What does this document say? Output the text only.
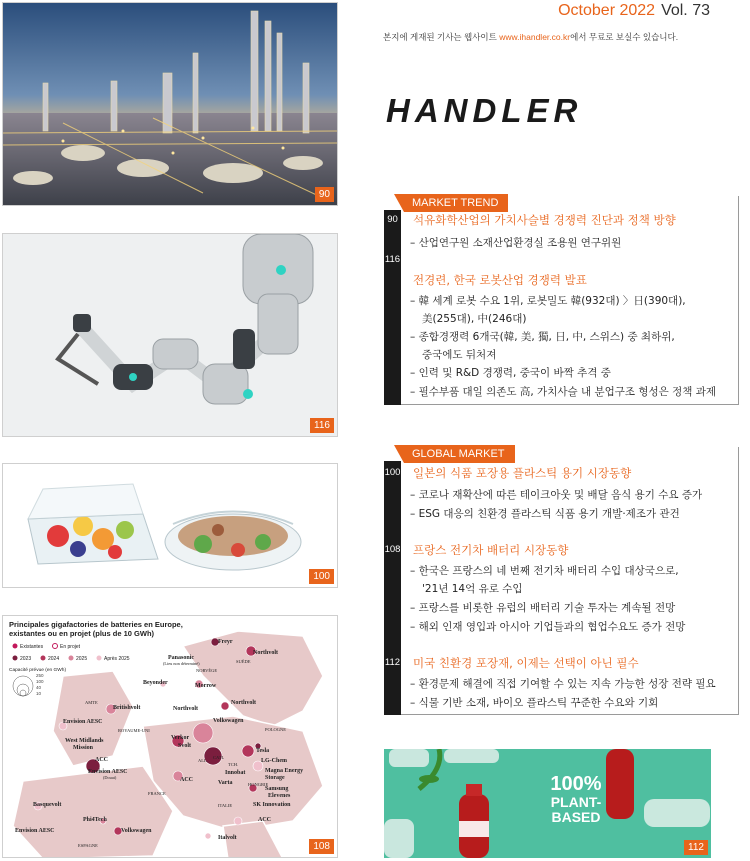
90
116
100
Freyr
Northvolt
Panasonic
(Lieu non déterminé)	SUÈDE
NORVÈGE
Beyonder	Morrow
AMTE
Britishvolt	Northvolt
Northvolt
Envision AESC
ROYAUME-UNI
Volkswagen
POLOGNE
West Midlands
Mission
Verkor
Svolt
Tesla
LG-Chem
ACC	CATL
Magna Energy
Storage
Envision AESC
(Douai)	ACC	Varta
Innobat
Samsung
Elevenes
SK Innovation
Basquevolt
FRANCE
Phi4Tech
ITALIE
ACC
Envision AESC	Volkswagen
Italvolt
ESPAGNE
HONGRIE
ALL.
TCH.
Principales gigafactories de batteries en Europe,
existantes ou en projet (plus de 10 GWh)
Existantes	En projet
2023	2024	2025	Après 2025
Capacité prévue (en GWh)
250
100
40
10
108
100%
PLANT-
BASED
112
October 2022 Vol. 73
본지에 게재된 기사는 웹사이트 www.ihandler.co.kr에서 무료로 보실수 있습니다.
HANDLER
MARKET TREND
90 석유화학산업의 가치사슬별 경쟁력 진단과 정책 방향
– 산업연구원 소재산업환경실 조용원 연구위원
116
전경련, 한국 로봇산업 경쟁력 발표
– 韓 세계 로봇 수요 1위, 로봇밀도 韓(932대) 〉日(390대),
美(255대), 中(246대)
– 종합경쟁력 6개국(韓, 美, 獨, 日, 中, 스위스) 중 최하위,
중국에도 뒤처져
– 인력 및 R&D 경쟁력, 중국이 바짝 추격 중
– 필수부품 대일 의존도 高, 가치사슬 내 분업구조 형성은 정책 과제
GLOBAL MARKET
100 일본의 식품 포장용 플라스틱 용기 시장동향
– 코로나 재확산에 따른 테이크아웃 및 배달 음식 용기 수요 증가
– ESG 대응의 친환경 플라스틱 식품 용기 개발·제조가 관건
108 프랑스 전기차 배터리 시장동향
– 한국은 프랑스의 네 번째 전기차 배터리 수입 대상국으로,
'21년 14억 유로 수입
– 프랑스를 비롯한 유럽의 배터리 기술 투자는 계속될 전망
– 해외 인재 영입과 아시아 기업들과의 협업수요도 증가 전망
112 미국 친환경 포장재, 이제는 선택이 아닌 필수
– 환경문제 해결에 직접 기여할 수 있는 지속 가능한 성장 전략 필요
– 식물 기반 소재, 바이오 플라스틱 꾸준한 수요와 기회
